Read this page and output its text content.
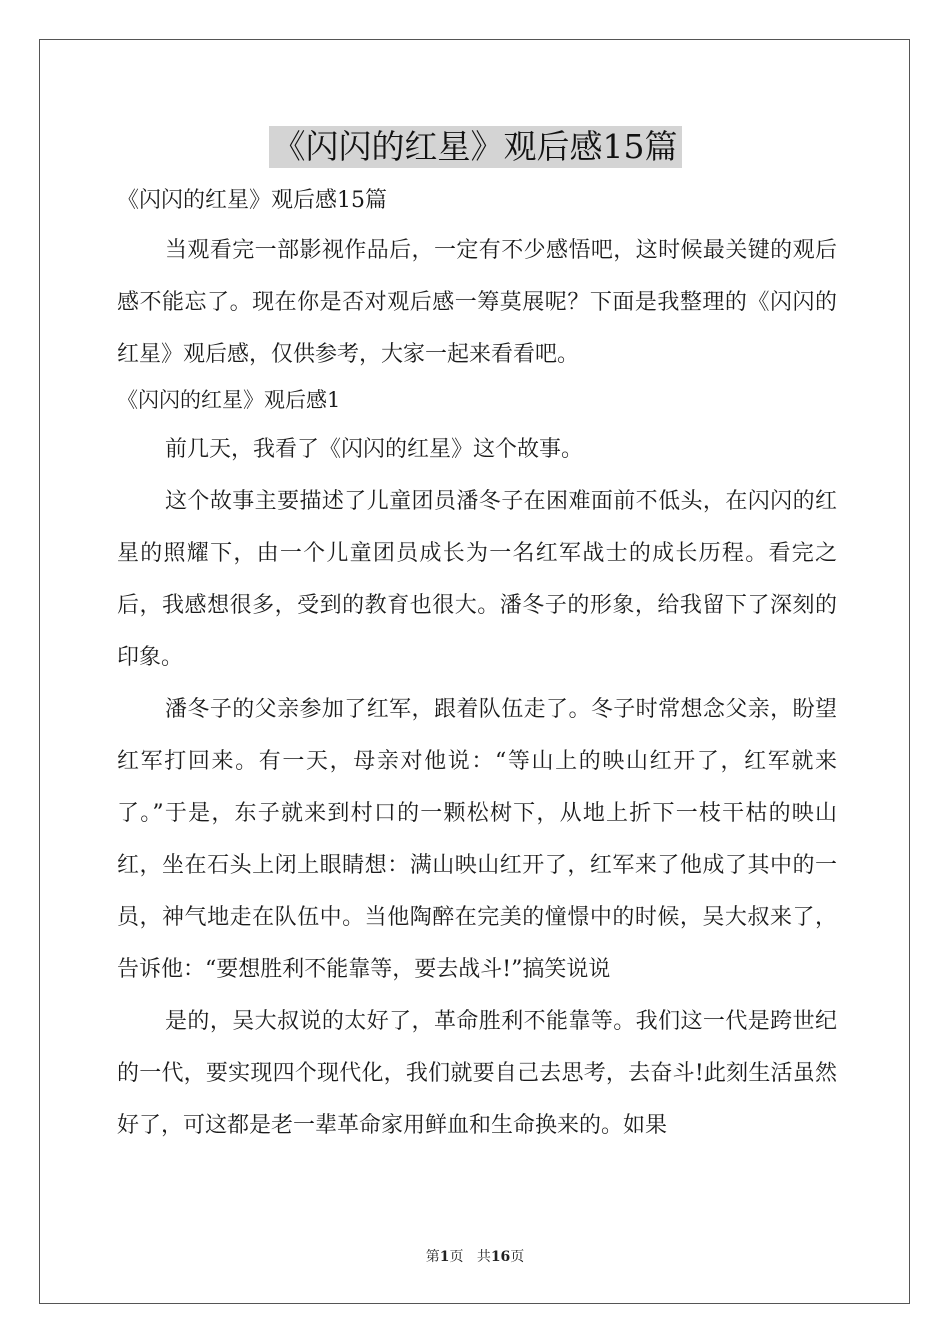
《闪闪的红星》观后感15篇

《闪闪的红星》观后感15篇

当观看完一部影视作品后，一定有不少感悟吧，这时候最关键的观后感不能忘了。现在你是否对观后感一筹莫展呢？下面是我整理的《闪闪的红星》观后感，仅供参考，大家一起来看看吧。

《闪闪的红星》观后感1

前几天，我看了《闪闪的红星》这个故事。

这个故事主要描述了儿童团员潘冬子在困难面前不低头，在闪闪的红星的照耀下，由一个儿童团员成长为一名红军战士的成长历程。看完之后，我感想很多，受到的教育也很大。潘冬子的形象，给我留下了深刻的印象。

潘冬子的父亲参加了红军，跟着队伍走了。冬子时常想念父亲，盼望红军打回来。有一天，母亲对他说：“等山上的映山红开了，红军就来了。”于是，东子就来到村口的一颗松树下，从地上折下一枝干枯的映山红，坐在石头上闭上眼睛想：满山映山红开了，红军来了他成了其中的一员，神气地走在队伍中。当他陶醉在完美的憧憬中的时候，吴大叔来了，告诉他：“要想胜利不能靠等，要去战斗!”搞笑说说

是的，吴大叔说的太好了，革命胜利不能靠等。我们这一代是跨世纪的一代，要实现四个现代化，我们就要自己去思考，去奋斗!此刻生活虽然好了，可这都是老一辈革命家用鲜血和生命换来的。如果

第1页 共16页
